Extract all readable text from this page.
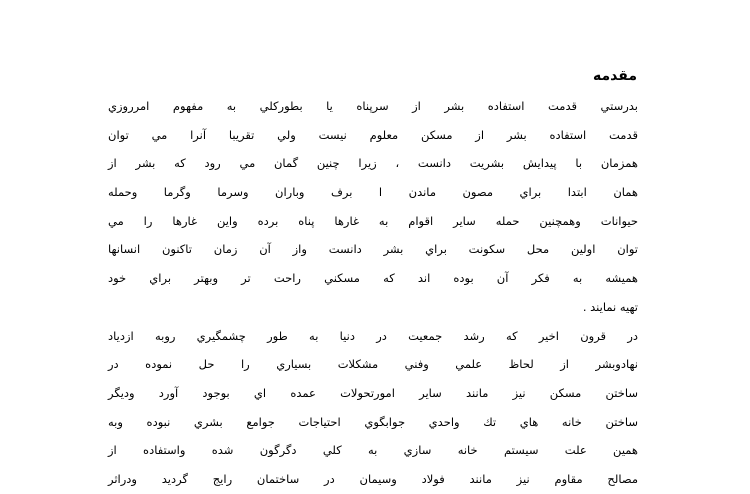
مقدمه
بدرستي قدمت استفاده بشر از سرپناه يا بطوركلي به مفهوم امرروزي
قدمت استفاده بشر از مسكن معلوم نيست ولي تقريبا آنرا مي توان
همزمان با پيدايش بشريت دانست ، زيرا چنين گمان مي رود كه بشر از
همان ابتدا براي مصون ماندن ا برف وباران وسرما وگرما وحمله
حيوانات وهمچنين حمله ساير اقوام به غارها پناه برده واين غارها را مي
توان اولين محل سكونت براي بشر دانست واز آن زمان تاكنون انسانها
هميشه به فكر آن بوده اند كه مسكني راحت تر وبهتر براي خود
تهيه نمايند .
در قرون اخير كه رشد جمعيت در دنيا به طور چشمگيري روبه ازدياد
نهادوبشر از لحاظ علمي وفني مشكلات بسياري را حل نموده در
ساختن مسكن نيز مانند ساير امورتحولات عمده اي بوجود آورد وديگر
ساختن خانه هاي تك واحدي جوابگوي احتياجات جوامع بشري نبوده وبه
همين علت سيستم خانه سازي به كلي دگرگون شده واستفاده از
مصالح مقاوم نيز مانند فولاد وسيمان در ساختمان رايج گرديد ودراثر
